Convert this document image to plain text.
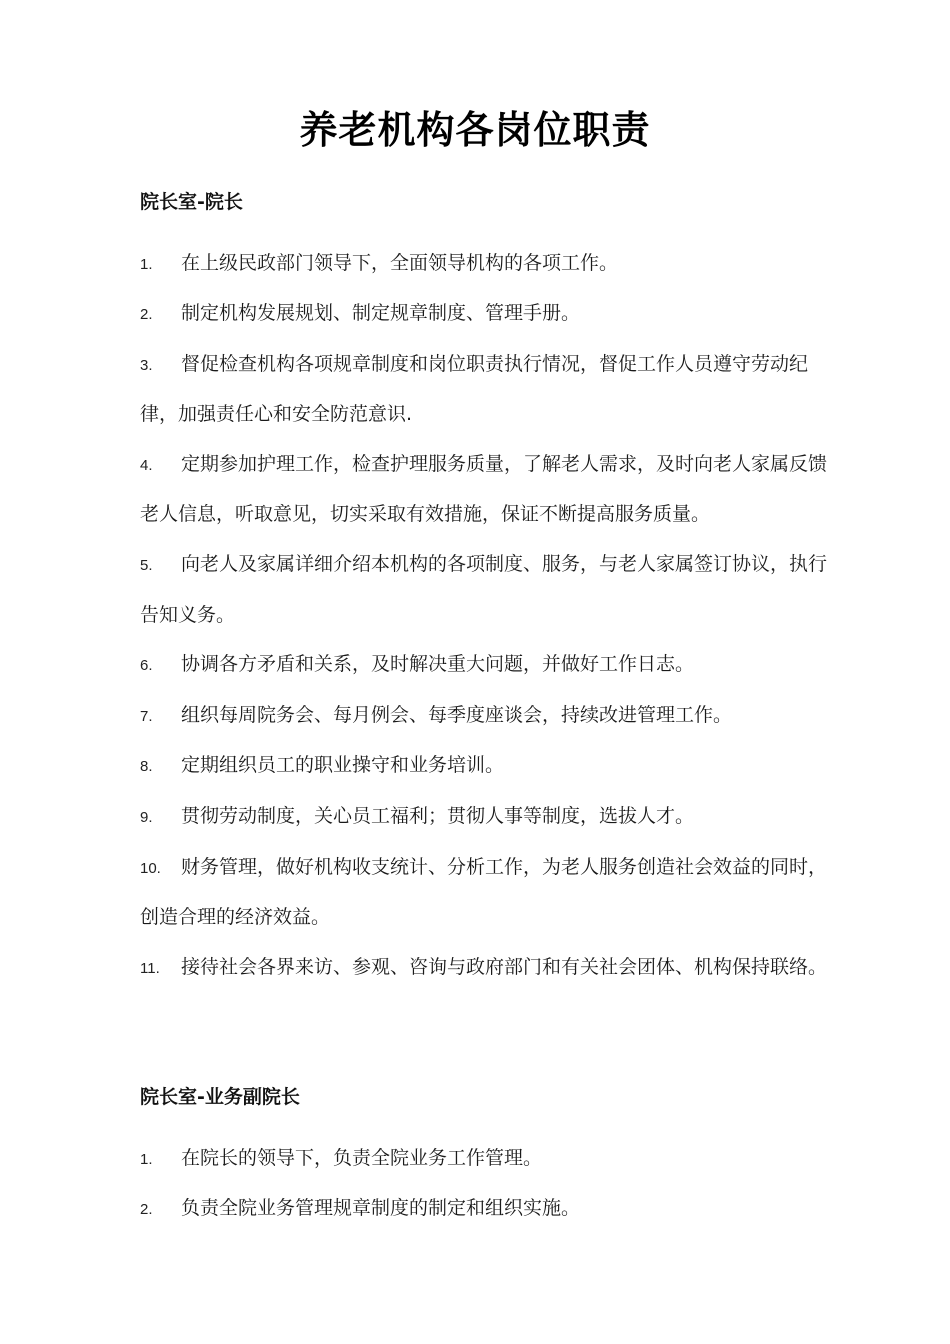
养老机构各岗位职责
院长室-院长
1. 在上级民政部门领导下，全面领导机构的各项工作。
2. 制定机构发展规划、制定规章制度、管理手册。
3. 督促检查机构各项规章制度和岗位职责执行情况，督促工作人员遵守劳动纪律，加强责任心和安全防范意识.
4. 定期参加护理工作，检查护理服务质量，了解老人需求，及时向老人家属反馈老人信息，听取意见，切实采取有效措施，保证不断提高服务质量。
5. 向老人及家属详细介绍本机构的各项制度、服务，与老人家属签订协议，执行告知义务。
6. 协调各方矛盾和关系，及时解决重大问题，并做好工作日志。
7. 组织每周院务会、每月例会、每季度座谈会，持续改进管理工作。
8. 定期组织员工的职业操守和业务培训。
9. 贯彻劳动制度，关心员工福利；贯彻人事等制度，选拔人才。
10. 财务管理，做好机构收支统计、分析工作，为老人服务创造社会效益的同时，创造合理的经济效益。
11. 接待社会各界来访、参观、咨询与政府部门和有关社会团体、机构保持联络。
院长室-业务副院长
1. 在院长的领导下，负责全院业务工作管理。
2. 负责全院业务管理规章制度的制定和组织实施。
